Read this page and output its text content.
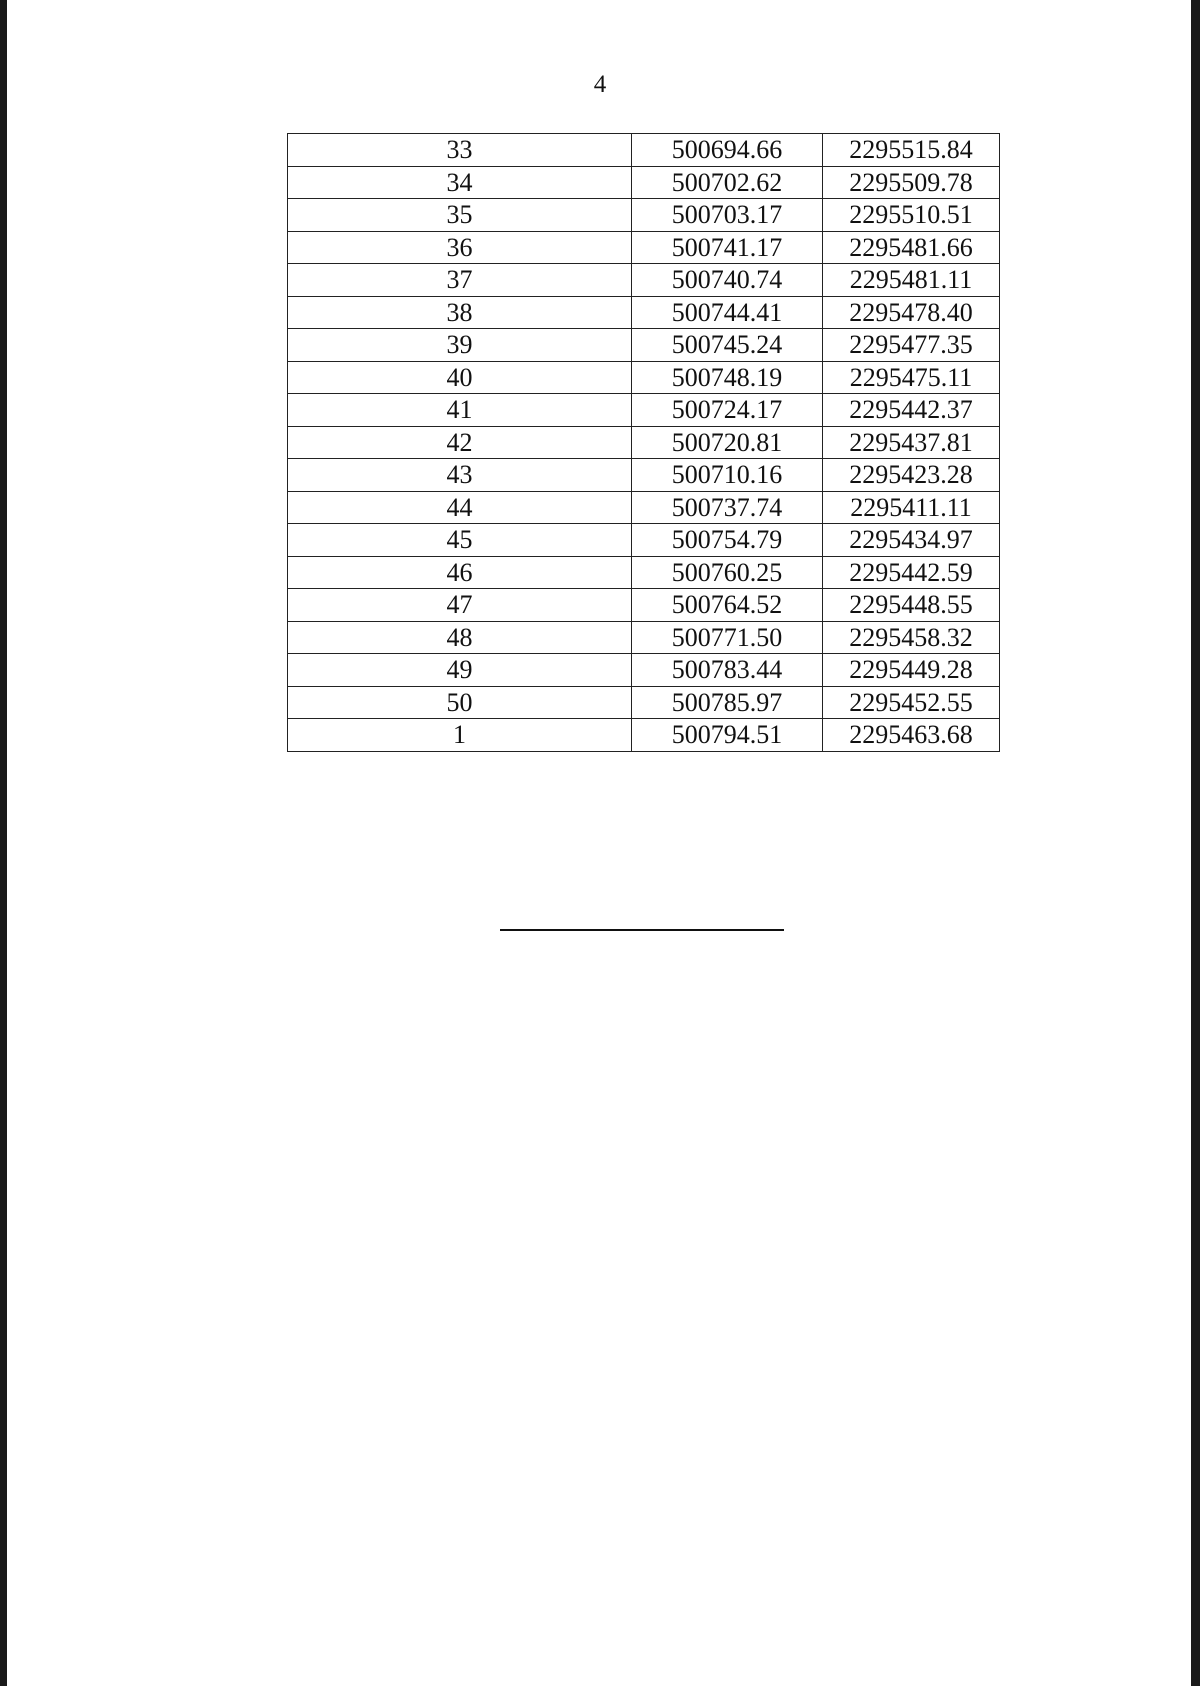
4
33	500694.66	2295515.84
34	500702.62	2295509.78
35	500703.17	2295510.51
36	500741.17	2295481.66
37	500740.74	2295481.11
38	500744.41	2295478.40
39	500745.24	2295477.35
40	500748.19	2295475.11
41	500724.17	2295442.37
42	500720.81	2295437.81
43	500710.16	2295423.28
44	500737.74	2295411.11
45	500754.79	2295434.97
46	500760.25	2295442.59
47	500764.52	2295448.55
48	500771.50	2295458.32
49	500783.44	2295449.28
50	500785.97	2295452.55
1	500794.51	2295463.68
